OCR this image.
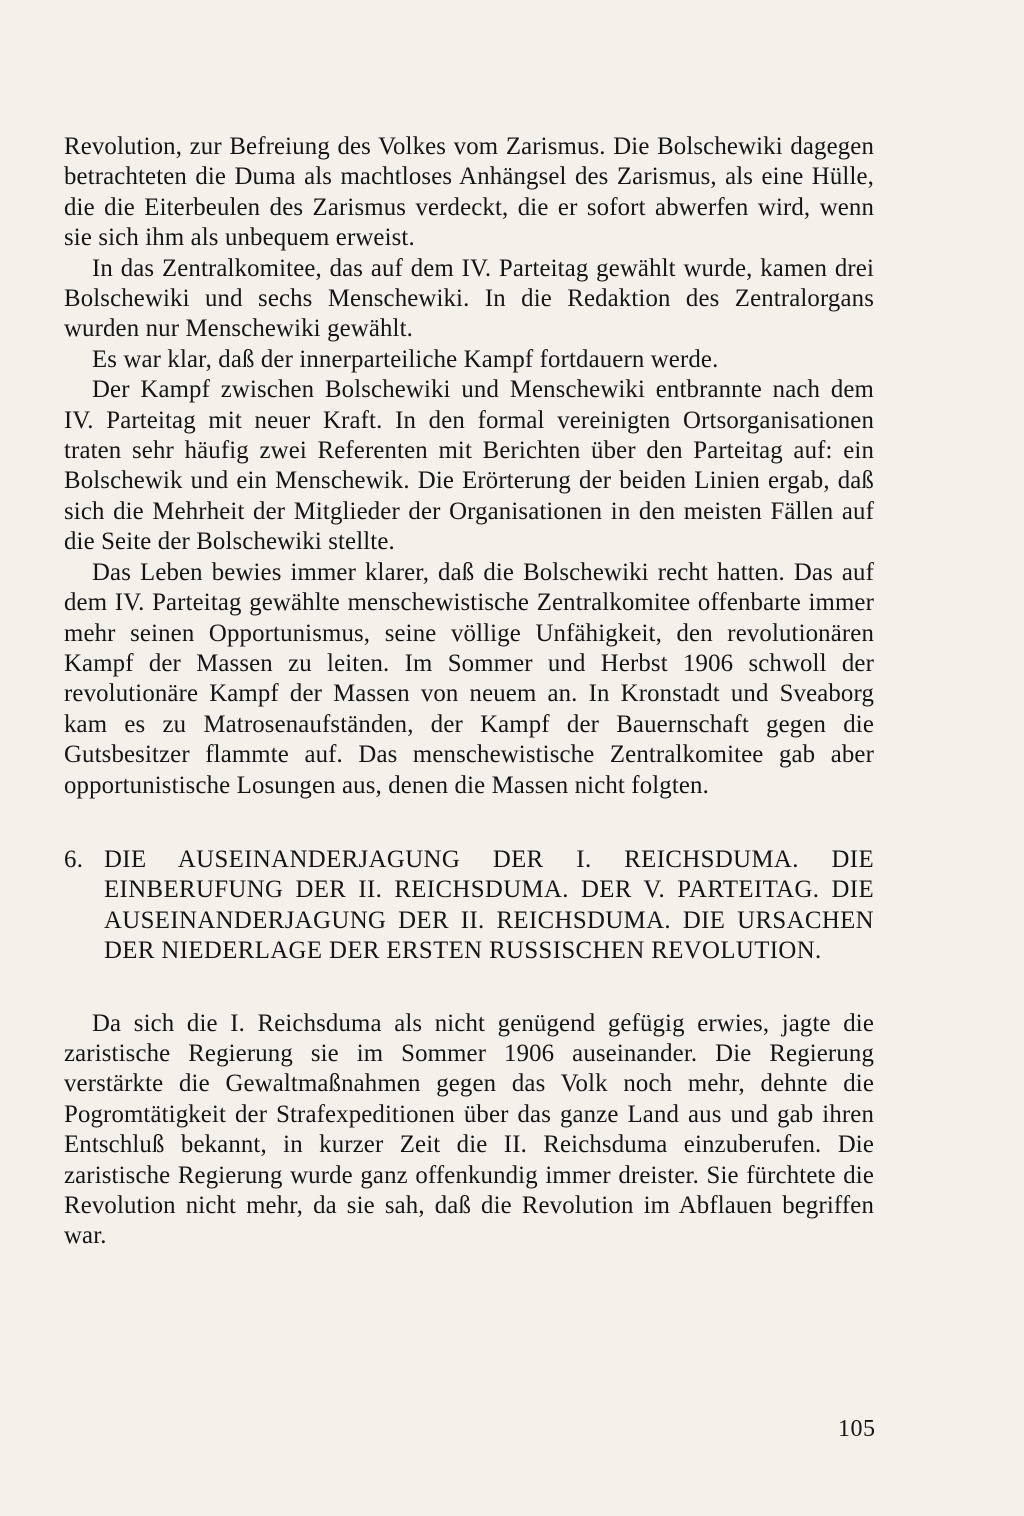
Revolution, zur Befreiung des Volkes vom Zarismus. Die Bolschewiki dagegen betrachteten die Duma als machtloses Anhängsel des Zarismus, als eine Hülle, die die Eiterbeulen des Zarismus verdeckt, die er sofort abwerfen wird, wenn sie sich ihm als unbequem erweist.

In das Zentralkomitee, das auf dem IV. Parteitag gewählt wurde, kamen drei Bolschewiki und sechs Menschewiki. In die Redaktion des Zentralorgans wurden nur Menschewiki gewählt.

Es war klar, daß der innerparteiliche Kampf fortdauern werde.

Der Kampf zwischen Bolschewiki und Menschewiki entbrannte nach dem IV. Parteitag mit neuer Kraft. In den formal vereinigten Ortsorganisationen traten sehr häufig zwei Referenten mit Berichten über den Parteitag auf: ein Bolschewik und ein Menschewik. Die Erörterung der beiden Linien ergab, daß sich die Mehrheit der Mitglieder der Organisationen in den meisten Fällen auf die Seite der Bolschewiki stellte.

Das Leben bewies immer klarer, daß die Bolschewiki recht hatten. Das auf dem IV. Parteitag gewählte menschewistische Zentralkomitee offenbarte immer mehr seinen Opportunismus, seine völlige Unfähigkeit, den revolutionären Kampf der Massen zu leiten. Im Sommer und Herbst 1906 schwoll der revolutionäre Kampf der Massen von neuem an. In Kronstadt und Sveaborg kam es zu Matrosenaufständen, der Kampf der Bauernschaft gegen die Gutsbesitzer flammte auf. Das menschewistische Zentralkomitee gab aber opportunistische Losungen aus, denen die Massen nicht folgten.

6. DIE AUSEINANDERJAGUNG DER I. REICHSDUMA. DIE EINBERUFUNG DER II. REICHSDUMA. DER V. PARTEITAG. DIE AUSEINANDERJAGUNG DER II. REICHSDUMA. DIE URSACHEN DER NIEDERLAGE DER ERSTEN RUSSISCHEN REVOLUTION.

Da sich die I. Reichsduma als nicht genügend gefügig erwies, jagte die zaristische Regierung sie im Sommer 1906 auseinander. Die Regierung verstärkte die Gewaltmaßnahmen gegen das Volk noch mehr, dehnte die Pogromtätigkeit der Strafexpeditionen über das ganze Land aus und gab ihren Entschluß bekannt, in kurzer Zeit die II. Reichsduma einzuberufen. Die zaristische Regierung wurde ganz offenkundig immer dreister. Sie fürchtete die Revolution nicht mehr, da sie sah, daß die Revolution im Abflauen begriffen war.

105
